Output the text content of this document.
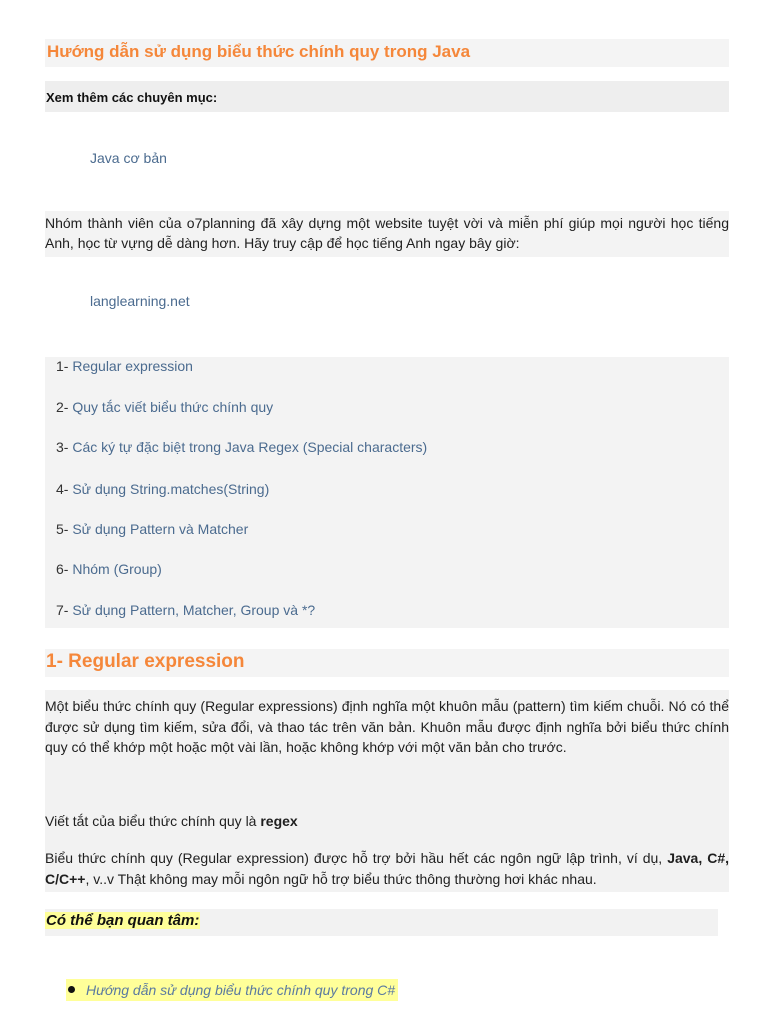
Hướng dẫn sử dụng biểu thức chính quy trong Java
Xem thêm các chuyên mục:
Java cơ bản

Nhóm thành viên của o7planning đã xây dựng một website tuyệt vời và miễn phí giúp mọi người học tiếng Anh, học từ vựng dễ dàng hơn. Hãy truy cập để học tiếng Anh ngay bây giờ:

langlearning.net
1- Regular expression
2- Quy tắc viết biểu thức chính quy
3- Các ký tự đặc biệt trong Java Regex (Special characters)
4- Sử dụng String.matches(String)
5- Sử dụng Pattern và Matcher
6- Nhóm (Group)
7- Sử dụng Pattern, Matcher, Group và *?
1- Regular expression

Một biểu thức chính quy (Regular expressions) định nghĩa một khuôn mẫu (pattern) tìm kiếm chuỗi. Nó có thể được sử dụng tìm kiếm, sửa đổi, và thao tác trên văn bản. Khuôn mẫu được định nghĩa bởi biểu thức chính quy có thể khớp một hoặc một vài lần, hoặc không khớp với một văn bản cho trước.

Viết tắt của biểu thức chính quy là regex

Biểu thức chính quy (Regular expression) được hỗ trợ bởi hầu hết các ngôn ngữ lập trình, ví dụ, Java, C#, C/C++, v..v Thật không may mỗi ngôn ngữ hỗ trợ biểu thức thông thường hơi khác nhau.

Có thể bạn quan tâm:
Hướng dẫn sử dụng biểu thức chính quy trong C#
